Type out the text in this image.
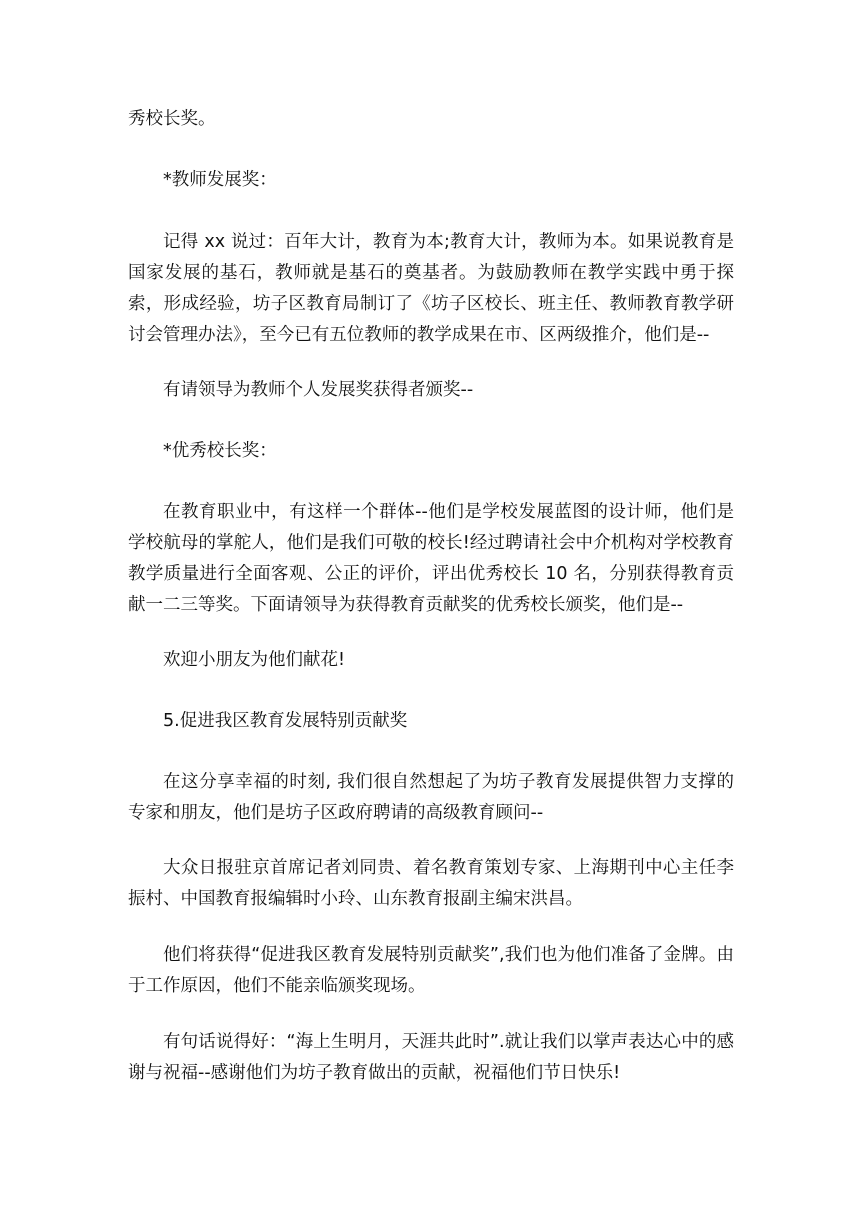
秀校长奖。

*教师发展奖：

记得 xx 说过：百年大计，教育为本;教育大计，教师为本。如果说教育是国家发展的基石，教师就是基石的奠基者。为鼓励教师在教学实践中勇于探索，形成经验，坊子区教育局制订了《坊子区校长、班主任、教师教育教学研讨会管理办法》，至今已有五位教师的教学成果在市、区两级推介，他们是--

有请领导为教师个人发展奖获得者颁奖--

*优秀校长奖：

在教育职业中，有这样一个群体--他们是学校发展蓝图的设计师，他们是学校航母的掌舵人，他们是我们可敬的校长!经过聘请社会中介机构对学校教育教学质量进行全面客观、公正的评价，评出优秀校长 10 名，分别获得教育贡献一二三等奖。下面请领导为获得教育贡献奖的优秀校长颁奖，他们是--

欢迎小朋友为他们献花!

5.促进我区教育发展特别贡献奖

在这分享幸福的时刻, 我们很自然想起了为坊子教育发展提供智力支撑的专家和朋友，他们是坊子区政府聘请的高级教育顾问--

大众日报驻京首席记者刘同贵、着名教育策划专家、上海期刊中心主任李振村、中国教育报编辑时小玲、山东教育报副主编宋洪昌。

他们将获得“促进我区教育发展特别贡献奖”,我们也为他们准备了金牌。由于工作原因，他们不能亲临颁奖现场。

有句话说得好：“海上生明月，天涯共此时”.就让我们以掌声表达心中的感谢与祝福--感谢他们为坊子教育做出的贡献，祝福他们节日快乐!
